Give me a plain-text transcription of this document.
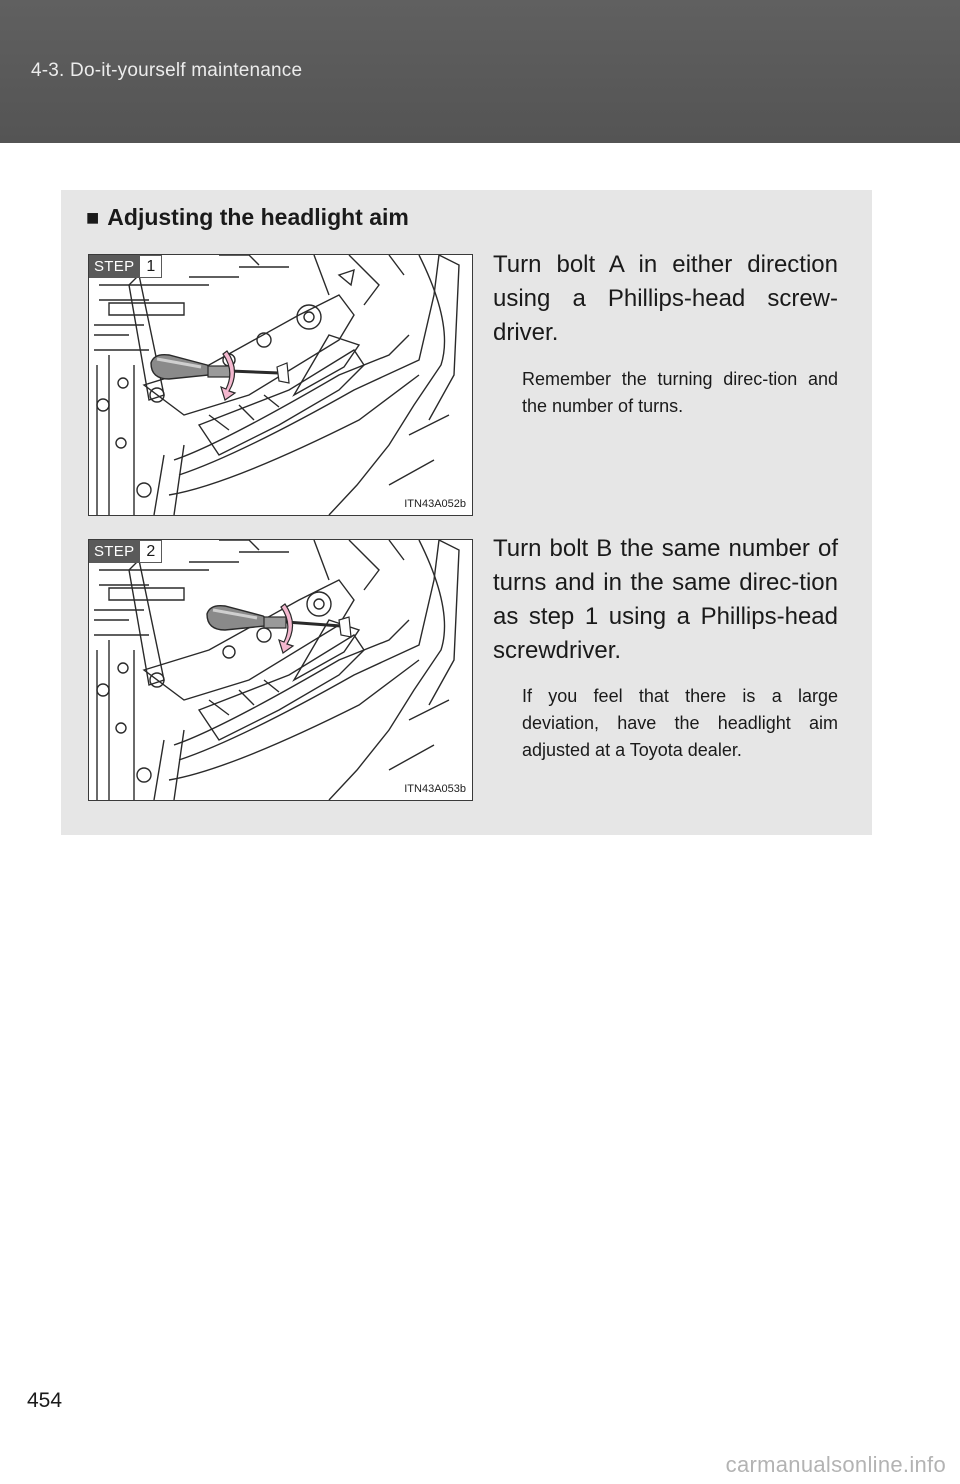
4-3. Do-it-yourself maintenance
■ Adjusting the headlight aim
STEP 1
ITN43A052b
Turn bolt A in either direction using a Phillips-head screw-driver.
Remember the turning direc-tion and the number of turns.
STEP 2
ITN43A053b
Turn bolt B the same number of turns and in the same direc-tion as step 1 using a Phillips-head screwdriver.
If you feel that there is a large deviation, have the headlight aim adjusted at a Toyota dealer.
454
carmanualsonline.info
